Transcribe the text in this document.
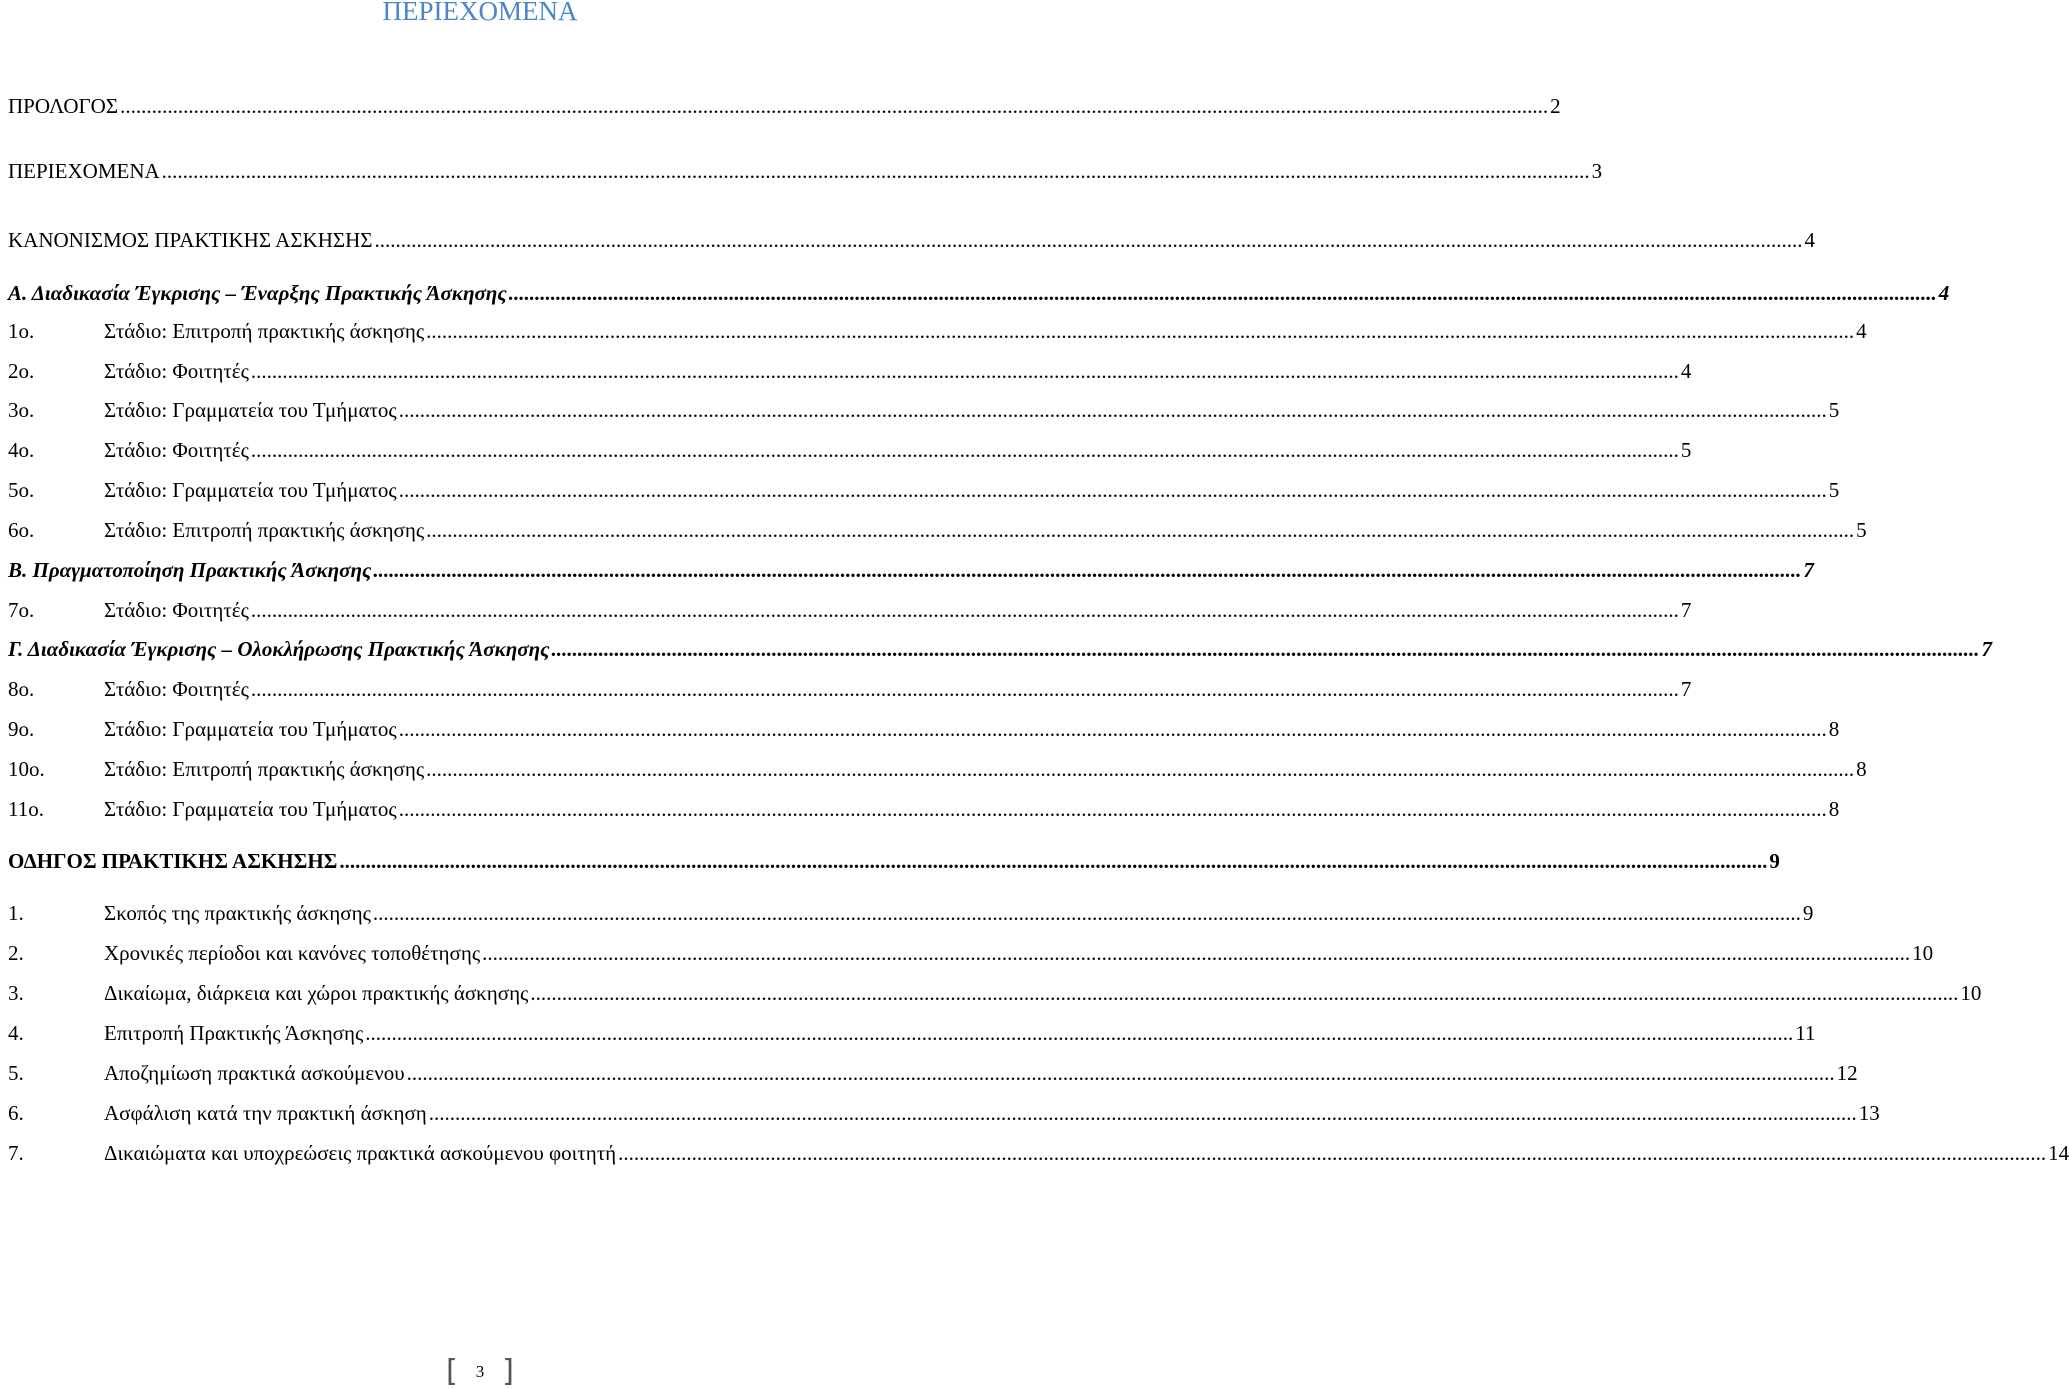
ΠΕΡΙΕΧΟΜΕΝΑ
ΠΡΟΛΟΓΟΣ .....	2
ΠΕΡΙΕΧΟΜΕΝΑ .....	3
ΚΑΝΟΝΙΣΜΟΣ ΠΡΑΚΤΙΚΗΣ ΑΣΚΗΣΗΣ .....	4
Α. Διαδικασία Έγκρισης – Έναρξης Πρακτικής Άσκησης .....	4
1ο.	Στάδιο: Επιτροπή πρακτικής άσκησης .....	4
2ο.	Στάδιο: Φοιτητές .....	4
3ο.	Στάδιο: Γραμματεία του Τμήματος .....	5
4ο.	Στάδιο: Φοιτητές .....	5
5ο.	Στάδιο: Γραμματεία του Τμήματος .....	5
6ο.	Στάδιο: Επιτροπή πρακτικής άσκησης .....	5
Β. Πραγματοποίηση Πρακτικής Άσκησης .....	7
7ο.	Στάδιο: Φοιτητές .....	7
Γ. Διαδικασία Έγκρισης – Ολοκλήρωσης Πρακτικής Άσκησης .....	7
8ο.	Στάδιο: Φοιτητές .....	7
9ο.	Στάδιο: Γραμματεία του Τμήματος .....	8
10ο.	Στάδιο: Επιτροπή πρακτικής άσκησης .....	8
11ο.	Στάδιο: Γραμματεία του Τμήματος .....	8
ΟΔΗΓΟΣ ΠΡΑΚΤΙΚΗΣ ΑΣΚΗΣΗΣ .....	9
1.	Σκοπός της πρακτικής άσκησης .....	9
2.	Χρονικές περίοδοι και κανόνες τοποθέτησης .....	10
3.	Δικαίωμα, διάρκεια και χώροι πρακτικής άσκησης .....	10
4.	Επιτροπή Πρακτικής Άσκησης .....	11
5.	Αποζημίωση πρακτικά ασκούμενου .....	12
6.	Ασφάλιση κατά την πρακτική άσκηση .....	13
7.	Δικαιώματα και υποχρεώσεις πρακτικά ασκούμενου φοιτητή .....	14
[ 3 ]
